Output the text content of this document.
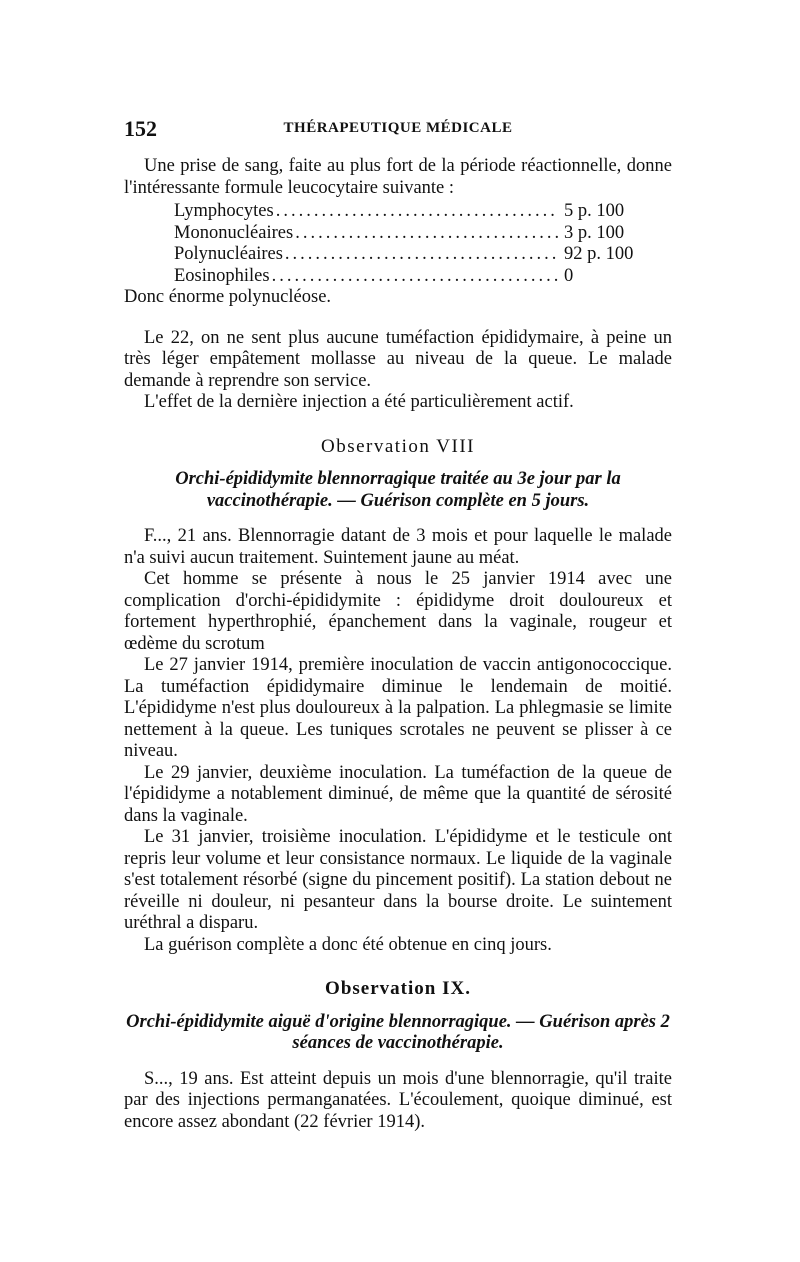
152	THÉRAPEUTIQUE MÉDICALE

Une prise de sang, faite au plus fort de la période réactionnelle, donne l'intéressante formule leucocytaire suivante :

Lymphocytes .....	5 p. 100
Mononucléaires .....	3 p. 100
Polynucléaires .....	92 p. 100
Eosinophiles .....	0

Donc énorme polynucléose.

Le 22, on ne sent plus aucune tuméfaction épididymaire, à peine un très léger empâtement mollasse au niveau de la queue. Le malade demande à reprendre son service.

L'effet de la dernière injection a été particulièrement actif.

Observation VIII
Orchi-épididymite blennorragique traitée au 3e jour par la vaccinothérapie. — Guérison complète en 5 jours.

F..., 21 ans. Blennorragie datant de 3 mois et pour laquelle le malade n'a suivi aucun traitement. Suintement jaune au méat.

Cet homme se présente à nous le 25 janvier 1914 avec une complication d'orchi-épididymite : épididyme droit douloureux et fortement hyperthrophié, épanchement dans la vaginale, rougeur et œdème du scrotum

Le 27 janvier 1914, première inoculation de vaccin antigonococcique. La tuméfaction épididymaire diminue le lendemain de moitié. L'épididyme n'est plus douloureux à la palpation. La phlegmasie se limite nettement à la queue. Les tuniques scrotales ne peuvent se plisser à ce niveau.

Le 29 janvier, deuxième inoculation. La tuméfaction de la queue de l'épididyme a notablement diminué, de même que la quantité de sérosité dans la vaginale.

Le 31 janvier, troisième inoculation. L'épididyme et le testicule ont repris leur volume et leur consistance normaux. Le liquide de la vaginale s'est totalement résorbé (signe du pincement positif). La station debout ne réveille ni douleur, ni pesanteur dans la bourse droite. Le suintement uréthral a disparu.

La guérison complète a donc été obtenue en cinq jours.

Observation IX.
Orchi-épididymite aiguë d'origine blennorragique. — Guérison après 2 séances de vaccinothérapie.

S..., 19 ans. Est atteint depuis un mois d'une blennorragie, qu'il traite par des injections permanganatées. L'écoulement, quoique diminué, est encore assez abondant (22 février 1914).
